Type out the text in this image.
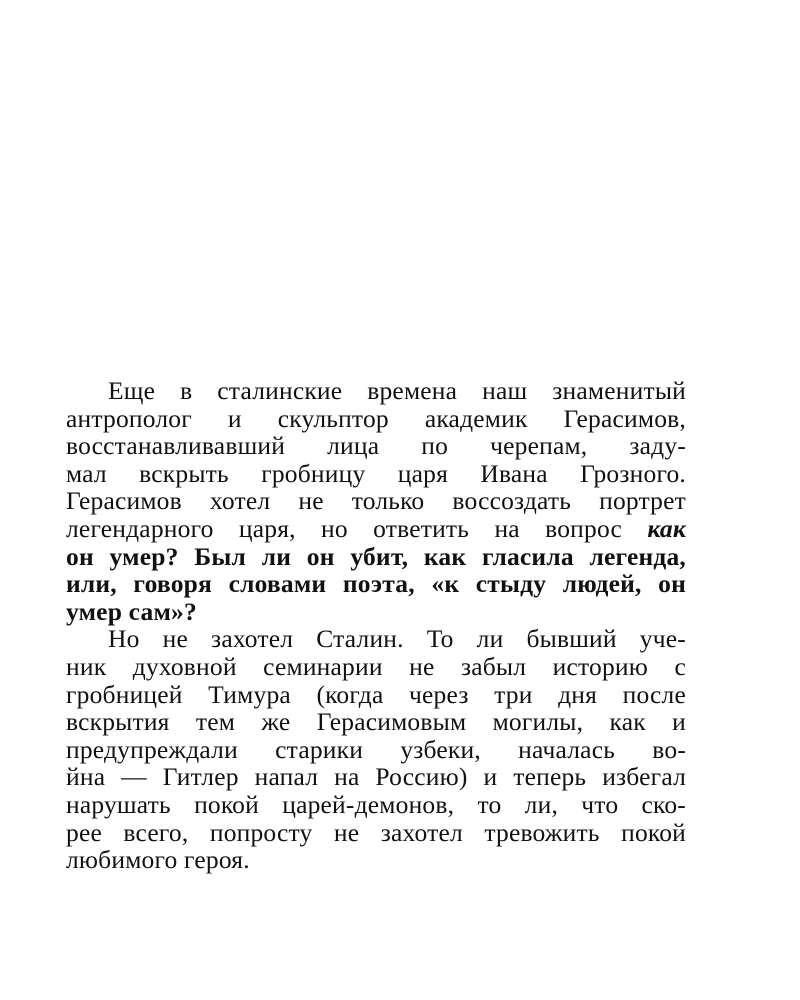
Еще в сталинские времена наш знаменитый
антрополог и скульптор академик Герасимов,
восстанавливавший лица по черепам, заду-
мал вскрыть гробницу царя Ивана Грозного.
Герасимов хотел не только воссоздать портрет
легендарного царя, но ответить на вопрос как
он умер? Был ли он убит, как гласила легенда,
или, говоря словами поэта, «к стыду людей, он
умер сам»?
Но не захотел Сталин. То ли бывший уче-
ник духовной семинарии не забыл историю с
гробницей Тимура (когда через три дня после
вскрытия тем же Герасимовым могилы, как и
предупреждали старики узбеки, началась во-
йна — Гитлер напал на Россию) и теперь избегал
нарушать покой царей-демонов, то ли, что ско-
рее всего, попросту не захотел тревожить покой
любимого героя.
